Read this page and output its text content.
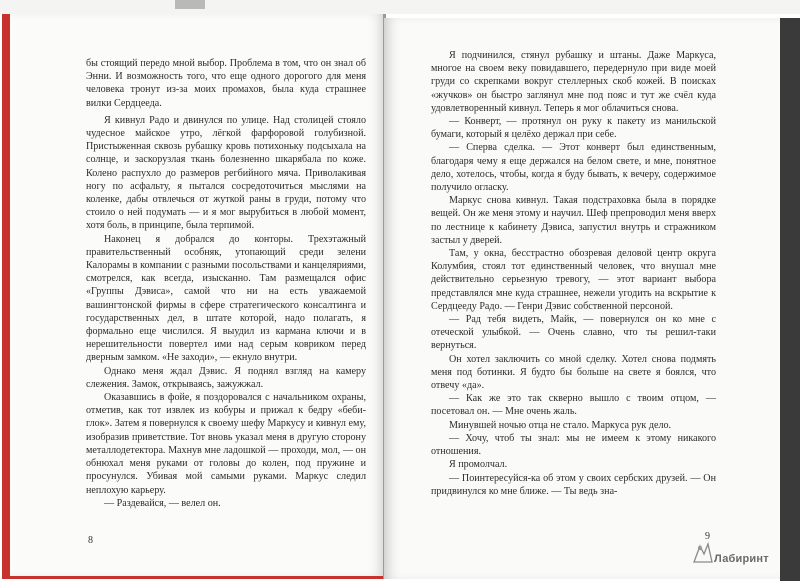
бы стоящий передо мной выбор. Проблема в том, что он знал об Энни. И возможность того, что еще одного дорогого для меня человека тронут из-за моих промахов, была куда страшнее вилки Сердцееда.

Я кивнул Радо и двинулся по улице. Над столицей стояло чудесное майское утро, лёгкой фарфоровой голубизной. Пристыженная сквозь рубашку кровь потихоньку подсыхала на солнце, и заскорузлая ткань болезненно шкарябала по коже. Колено распухло до размеров регбийного мяча. Приволакивая ногу по асфальту, я пытался сосредоточиться мыслями на коленке, дабы отвлечься от жуткой раны в груди, потому что стоило о ней подумать — и я мог вырубиться в любой момент, хотя боль, в принципе, была терпимой.

Наконец я добрался до конторы. Трехэтажный правительственный особняк, утопающий среди зелени Калорамы в компании с разными посольствами и канцеляриями, смотрелся, как всегда, изысканно. Там размещался офис «Группы Дэвиса», самой что ни на есть уважаемой вашингтонской фирмы в сфере стратегического консалтинга и государственных дел, в штате которой, надо полагать, я формально еще числился. Я выудил из кармана ключи и в нерешительности повертел ими над серым ковриком перед дверным замком. «Не заходи», — екнуло внутри.

Однако меня ждал Дэвис. Я поднял взгляд на камеру слежения. Замок, открываясь, зажужжал.

Оказавшись в фойе, я поздоровался с начальником охраны, отметив, как тот извлек из кобуры и прижал к бедру «беби-глок». Затем я повернулся к своему шефу Маркусу и кивнул ему, изобразив приветствие. Тот вновь указал меня в другую сторону металлодетектора. Махнув мне ладошкой — проходи, мол, — он обнюхал меня руками от головы до колен, под пружине и просунулся. Убивая мой самыми руками. Маркус следил неплохую карьеру.

— Раздевайся, — велел он.

Я подчинился, стянул рубашку и штаны. Даже Маркуса, многое на своем веку повидавшего, передернуло при виде моей груди со скрепками вокруг стеллерных скоб кожей. В поисках «жучков» он быстро заглянул мне под пояс и тут же счёл куда удовлетворенный кивнул. Теперь я мог облачиться снова.

— Конверт, — протянул он руку к пакету из манильской бумаги, который я целёхо держал при себе.

— Сперва сделка. — Этот конверт был единственным, благодаря чему я еще держался на белом свете, и мне, понятное дело, хотелось, чтобы, когда я буду бывать, к вечеру, содержимое получило огласку.

Маркус снова кивнул. Такая подстраховка была в порядке вещей. Он же меня этому и научил. Шеф препроводил меня вверх по лестнице к кабинету Дэвиса, запустил внутрь и стражником застыл у дверей.

Там, у окна, бесстрастно обозревая деловой центр округа Колумбия, стоял тот единственный человек, что внушал мне действительно серьезную тревогу, — этот вариант выбора представлялся мне куда страшнее, нежели угодить на вскрытие к Сердцееду Радо. — Генри Дэвис собственной персоной.

— Рад тебя видеть, Майк, — повернулся он ко мне с отеческой улыбкой. — Очень славно, что ты решил-таки вернуться.

Он хотел заключить со мной сделку. Хотел снова подмять меня под ботинки. Я будто бы больше на свете я боялся, что отвечу «да».

— Как же это так скверно вышло с твоим отцом, — посетовал он. — Мне очень жаль.

Минувшей ночью отца не стало. Маркуса рук дело.

— Хочу, чтоб ты знал: мы не имеем к этому никакого отношения.

Я промолчал.

— Поинтересуйся-ка об этом у своих сербских друзей. — Он придвинулся ко мне ближе. — Ты ведь зна-

8	9
Лабиринт
